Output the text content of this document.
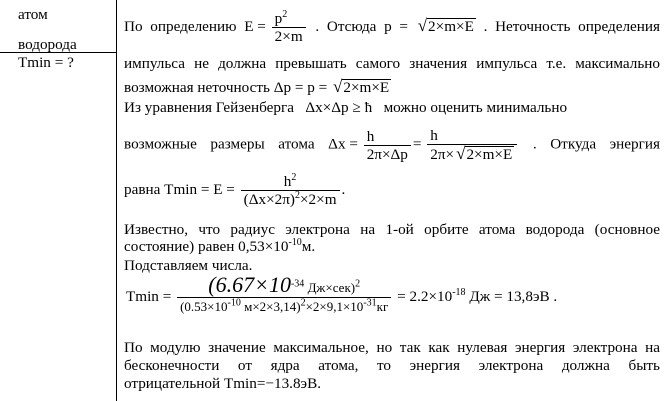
атом
водорода
Tmin = ?
По определению $E = \frac{p^2}{2\times m}$ . Отсюда p = √2×m×E . Неточность определения
импульса не должна превышать самого значения импульса т.е. максимально
возможная неточность Δp = p = √2×m×E
Из уравнения Гейзенберга Δx×Δp ≥ ħ можно оценить минимально
возможные размеры атома $\Delta x = \frac{h}{2\pi\times\Delta p} = \frac{h}{2\pi\times √2\times m\times E}$ . Откуда энергия
равна $Tmin = E = \frac{h^2}{(\Delta x\times 2\pi)^2\times 2\times m}$ .
Известно, что радиус электрона на 1-ой орбите атома водорода (основное
состояние) равен $0,53\times 10^{-10}м$.
Подставляем числа.
$Tmin = \frac{(6.67\times 10^{-34} Дж\times сек)^2}{(0.53\times 10^{-10} м\times 2\times 3,14)^2\times 2\times 9,1\times 10^{-31}кг} = 2.2\times 10^{-18}$ Дж = 13,8эВ .
По модулю значение максимальное, но так как нулевая энергия электрона на
бесконечности от ядра атома, то энергия электрона должна быть
отрицательной Tmin=−13.8эВ.
